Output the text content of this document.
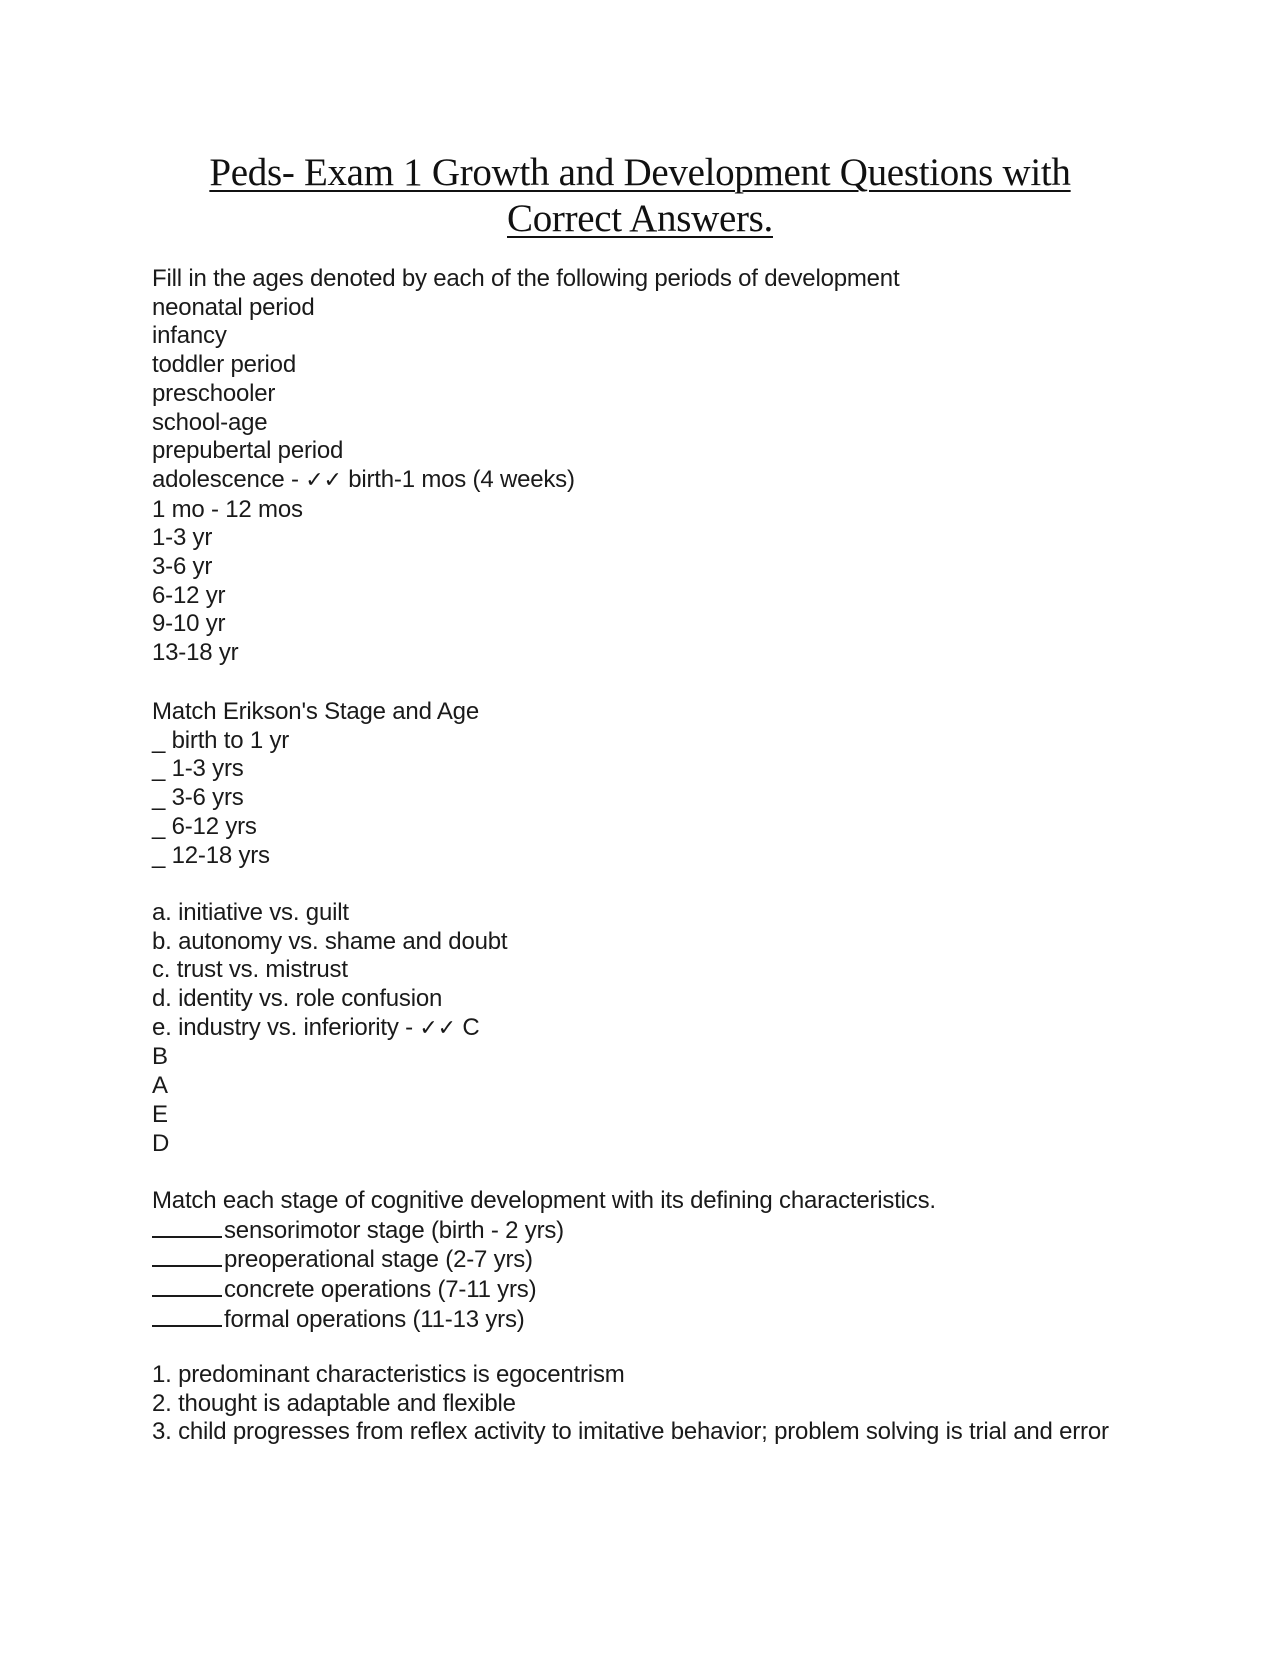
Peds- Exam 1 Growth and Development Questions with Correct Answers.
Fill in the ages denoted by each of the following periods of development
neonatal period
infancy
toddler period
preschooler
school-age
prepubertal period
adolescence - ✓✓ birth-1 mos (4 weeks)
1 mo - 12 mos
1-3 yr
3-6 yr
6-12 yr
9-10 yr
13-18 yr
Match Erikson's Stage and Age
_ birth to 1 yr
_ 1-3 yrs
_ 3-6 yrs
_ 6-12 yrs
_ 12-18 yrs

a. initiative vs. guilt
b. autonomy vs. shame and doubt
c. trust vs. mistrust
d. identity vs. role confusion
e. industry vs. inferiority - ✓✓ C
B
A
E
D
Match each stage of cognitive development with its defining characteristics.
sensorimotor stage (birth - 2 yrs)
preoperational stage (2-7 yrs)
concrete operations (7-11 yrs)
formal operations (11-13 yrs)
1. predominant characteristics is egocentrism
2. thought is adaptable and flexible
3. child progresses from reflex activity to imitative behavior; problem solving is trial and error
